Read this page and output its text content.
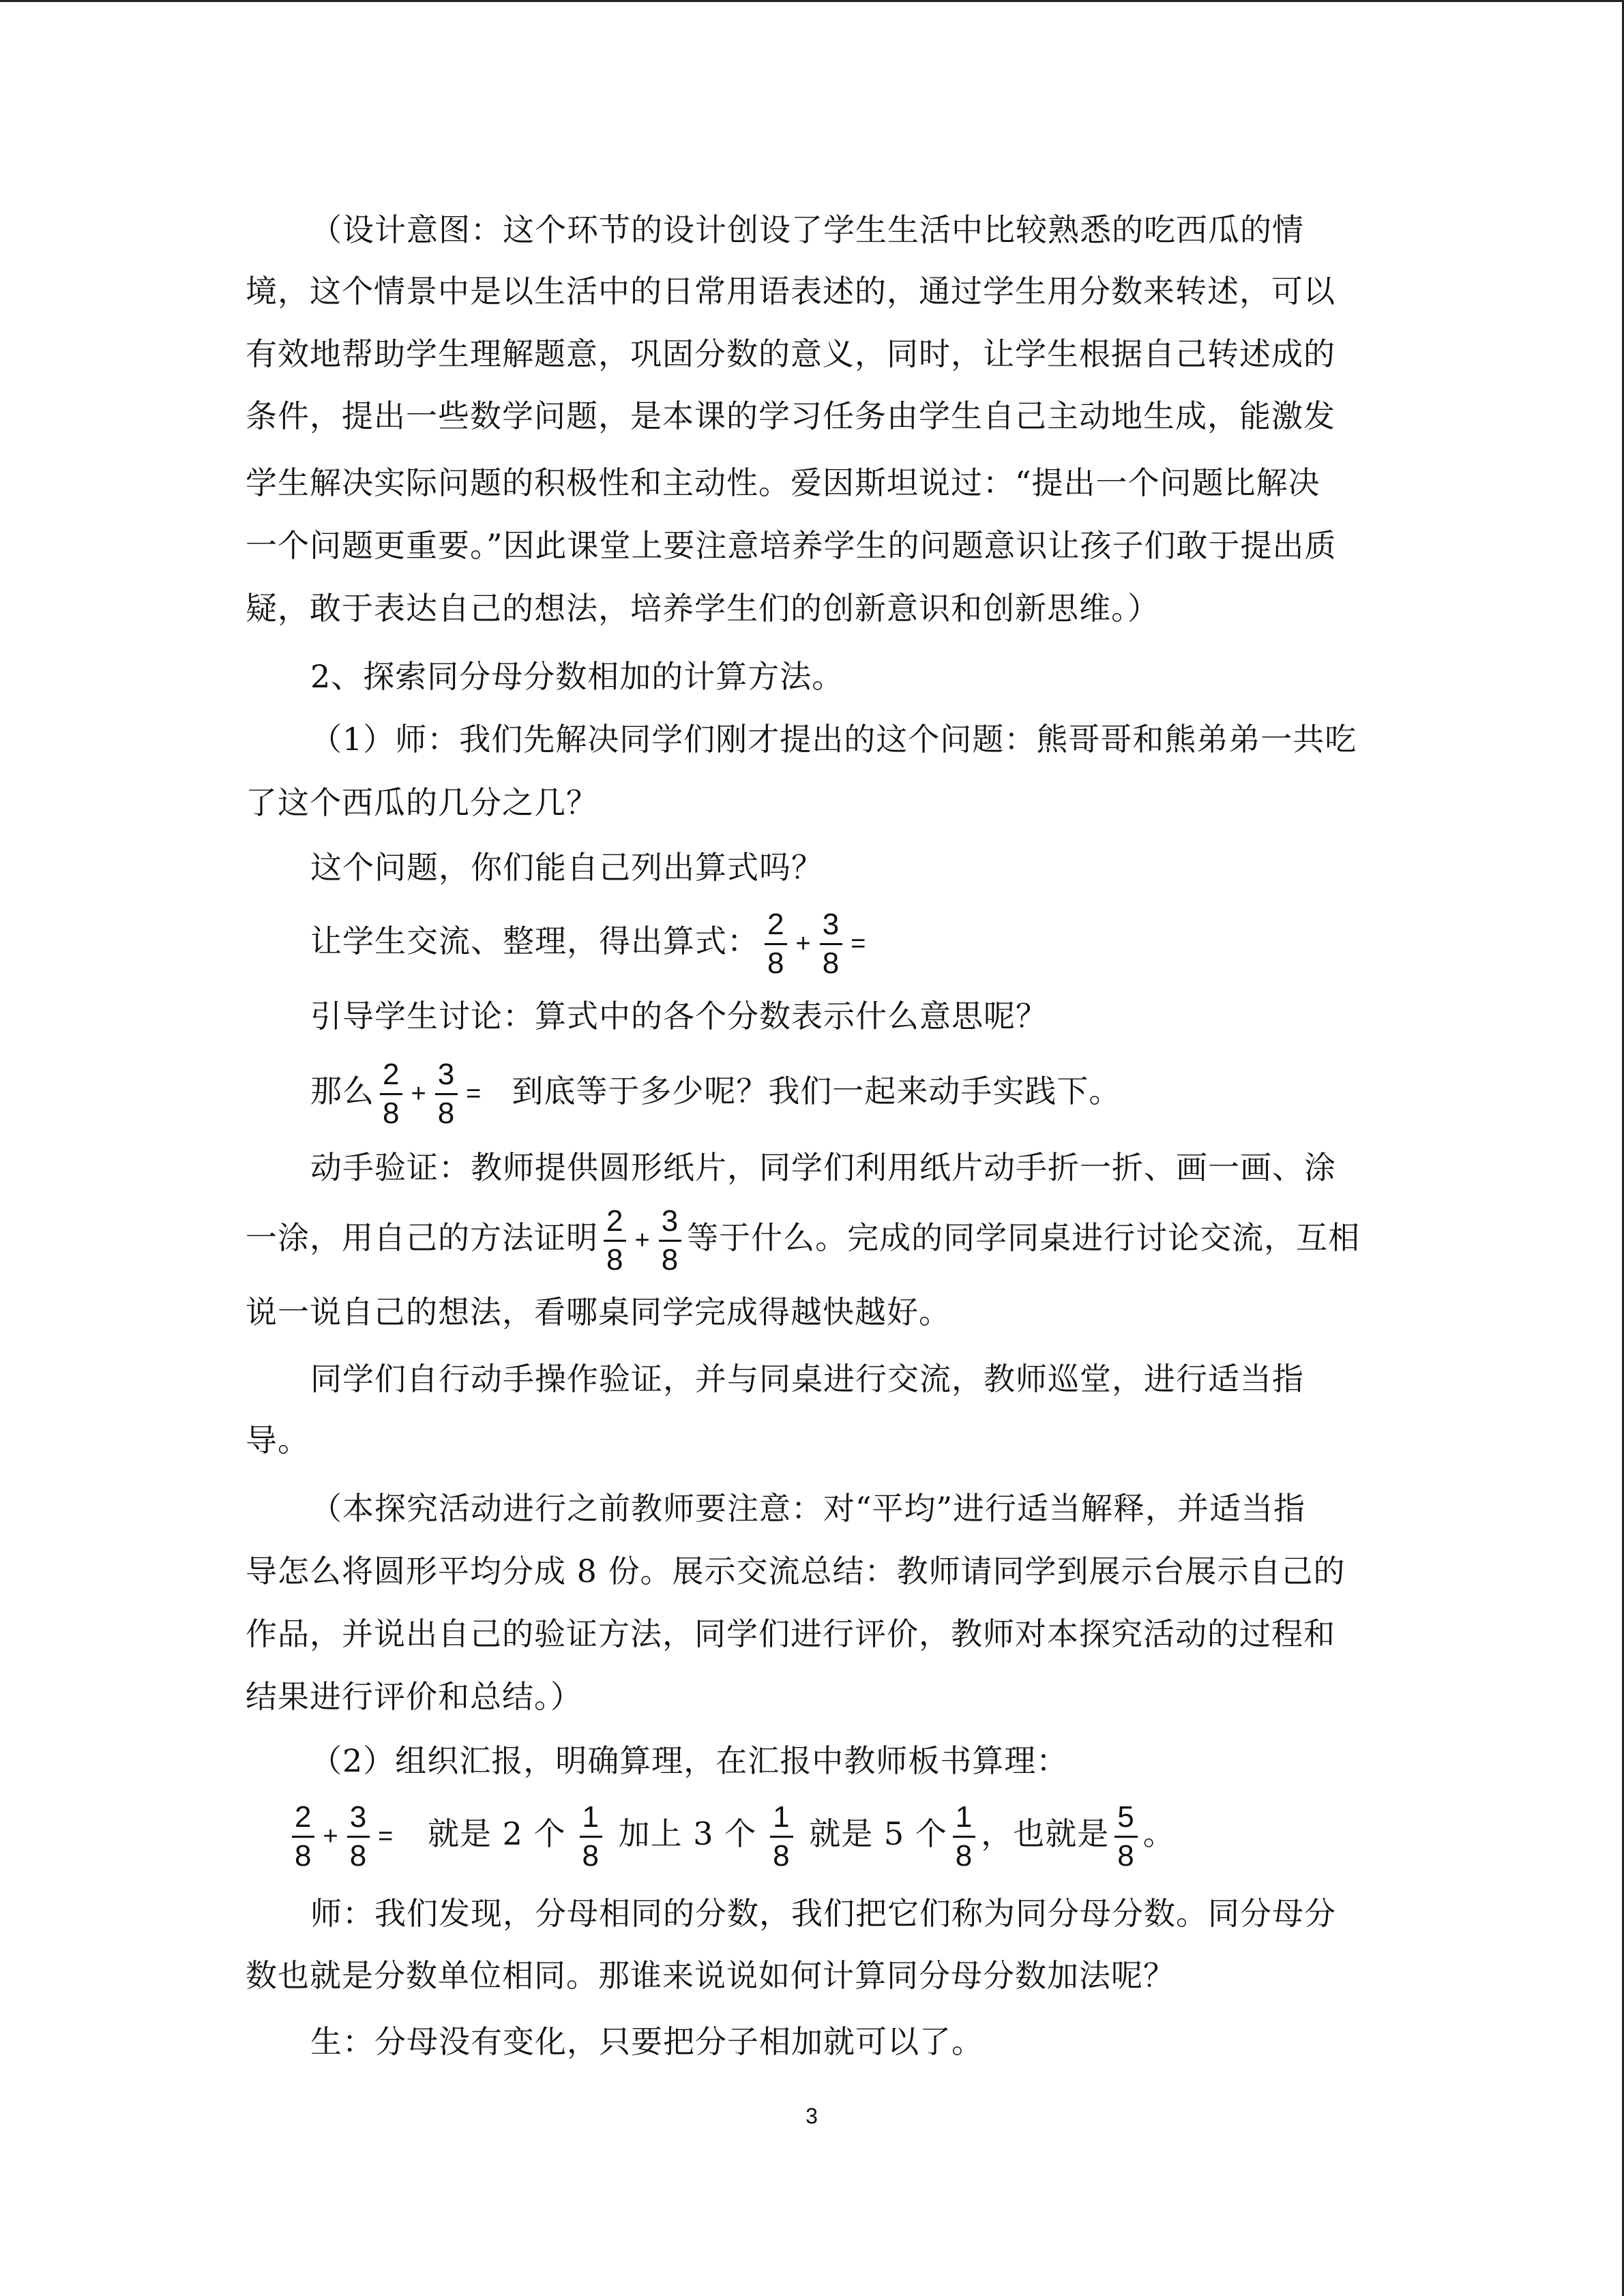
（设计意图：这个环节的设计创设了学生生活中比较熟悉的吃西瓜的情
境，这个情景中是以生活中的日常用语表述的，通过学生用分数来转述，可以
有效地帮助学生理解题意，巩固分数的意义，同时，让学生根据自己转述成的
条件，提出一些数学问题，是本课的学习任务由学生自己主动地生成，能激发
学生解决实际问题的积极性和主动性。爱因斯坦说过：“提出一个问题比解决
一个问题更重要。”因此课堂上要注意培养学生的问题意识让孩子们敢于提出质
疑，敢于表达自己的想法，培养学生们的创新意识和创新思维。）
2、探索同分母分数相加的计算方法。
（1）师：我们先解决同学们刚才提出的这个问题：熊哥哥和熊弟弟一共吃
了这个西瓜的几分之几？
这个问题，你们能自己列出算式吗？
让学生交流、整理，得出算式： $\frac{2}{8} + \frac{3}{8}$ =
引导学生讨论：算式中的各个分数表示什么意思呢？
那么 $\frac{2}{8} + \frac{3}{8}$ = 到底等于多少呢？我们一起来动手实践下。
动手验证：教师提供圆形纸片，同学们利用纸片动手折一折、画一画、涂
一涂，用自己的方法证明 $\frac{2}{8} + \frac{3}{8}$ 等于什么。完成的同学同桌进行讨论交流，互相
说一说自己的想法，看哪桌同学完成得越快越好。
同学们自行动手操作验证，并与同桌进行交流，教师巡堂，进行适当指
导。
（本探究活动进行之前教师要注意：对“平均”进行适当解释，并适当指
导怎么将圆形平均分成 8 份。展示交流总结：教师请同学到展示台展示自己的
作品，并说出自己的验证方法，同学们进行评价，教师对本探究活动的过程和
结果进行评价和总结。）
（2）组织汇报，明确算理，在汇报中教师板书算理：
$\frac{2}{8} + \frac{3}{8}$ = 就是 2 个 $\frac{1}{8}$ 加上 3 个 $\frac{1}{8}$ 就是 5 个 $\frac{1}{8}$ ，也就是 $\frac{5}{8}$ 。
师：我们发现，分母相同的分数，我们把它们称为同分母分数。同分母分
数也就是分数单位相同。那谁来说说如何计算同分母分数加法呢？
生：分母没有变化，只要把分子相加就可以了。
3
